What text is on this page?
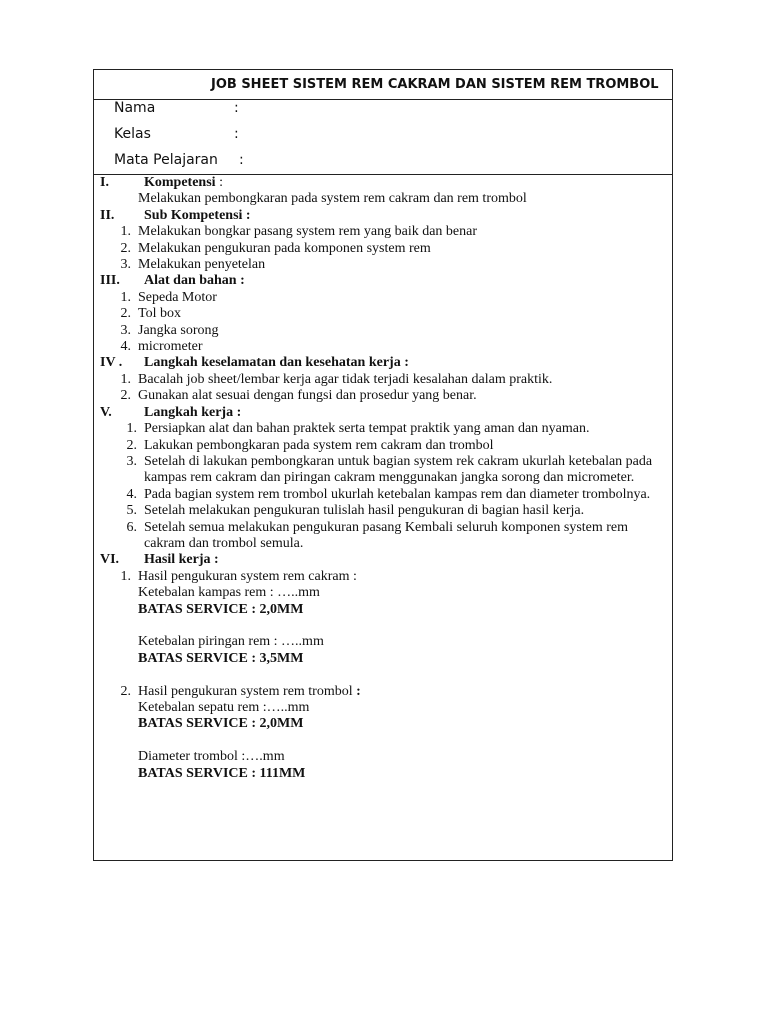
JOB SHEET SISTEM REM CAKRAM DAN SISTEM REM TROMBOL
Nama	:
Kelas	:
Mata Pelajaran :
I.	Kompetensi :
Melakukan pembongkaran pada system rem cakram dan rem trombol
II.	Sub Kompetensi :
1. Melakukan bongkar pasang system rem yang baik dan benar
2. Melakukan pengukuran pada komponen system rem
3. Melakukan penyetelan
III.	Alat dan bahan :
1. Sepeda Motor
2. Tol box
3. Jangka sorong
4. micrometer
IV .	Langkah keselamatan dan kesehatan kerja :
1. Bacalah job sheet/lembar kerja agar tidak terjadi kesalahan dalam praktik.
2. Gunakan alat sesuai dengan fungsi dan prosedur yang benar.
V.	Langkah kerja :
1. Persiapkan alat dan bahan praktek serta tempat praktik yang aman dan nyaman.
2. Lakukan pembongkaran pada system rem cakram dan trombol
3. Setelah di lakukan pembongkaran untuk bagian system rek cakram ukurlah ketebalan pada kampas rem cakram dan piringan cakram menggunakan jangka sorong dan micrometer.
4. Pada bagian system rem trombol ukurlah ketebalan kampas rem dan diameter trombolnya.
5. Setelah melakukan pengukuran tulislah hasil pengukuran di bagian hasil kerja.
6. Setelah semua melakukan pengukuran pasang Kembali seluruh komponen system rem cakram dan trombol semula.
VI.	Hasil kerja :
1. Hasil pengukuran system rem cakram :
Ketebalan kampas rem : …..mm
BATAS SERVICE : 2,0MM
Ketebalan piringan rem : …..mm
BATAS SERVICE : 3,5MM
2. Hasil pengukuran system rem trombol :
Ketebalan sepatu rem :…..mm
BATAS SERVICE : 2,0MM
Diameter trombol :….mm
BATAS SERVICE : 111MM
